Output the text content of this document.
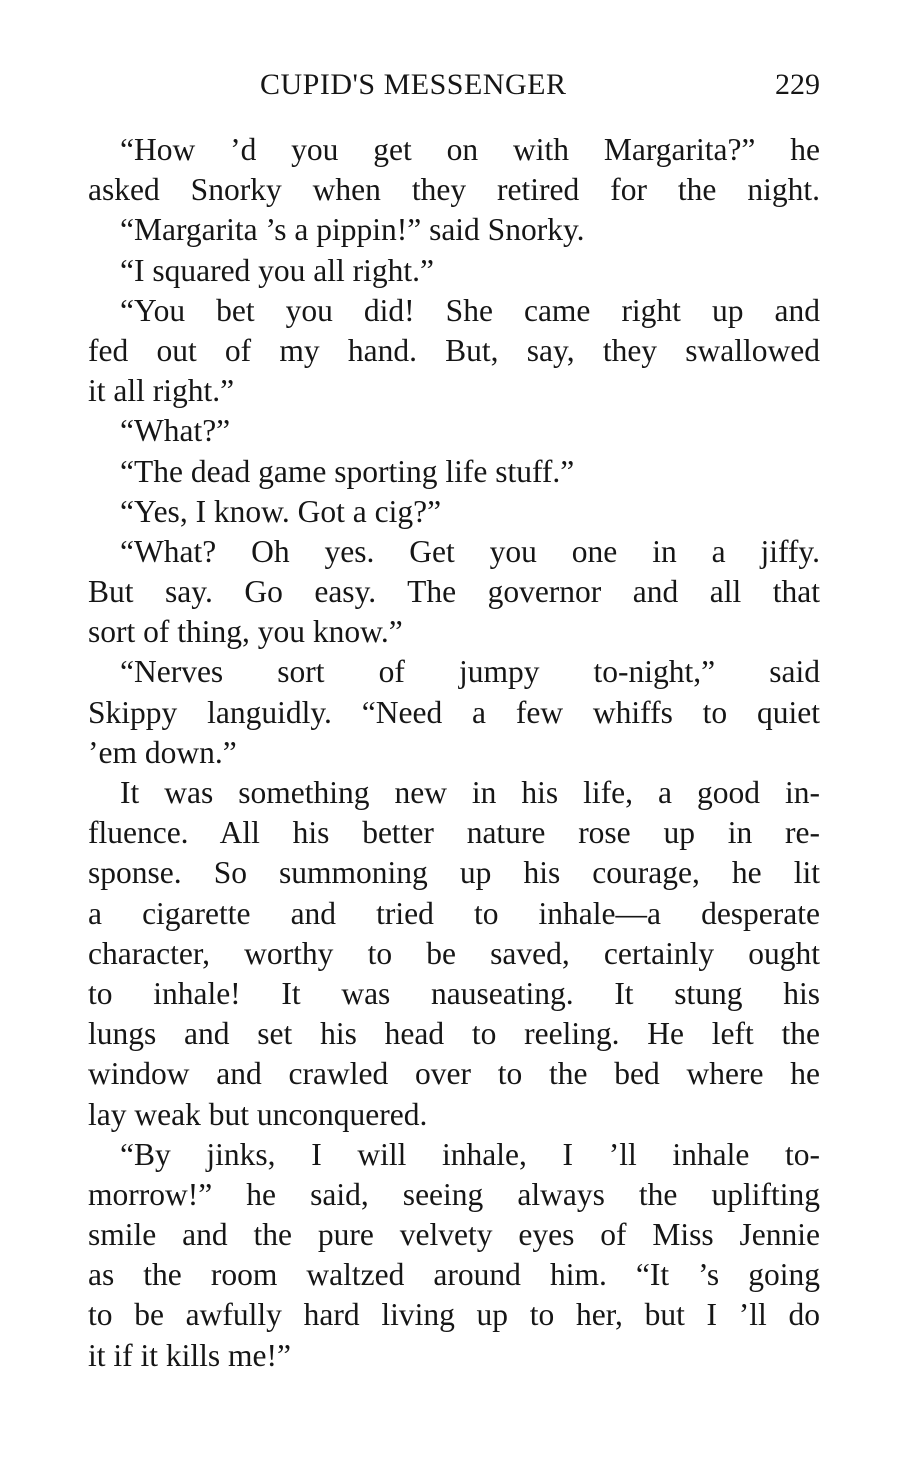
CUPID'S MESSENGER	229
“How ’d you get on with Margarita?” he
asked Snorky when they retired for the night.
“Margarita ’s a pippin!” said Snorky.
“I squared you all right.”
“You bet you did! She came right up and
fed out of my hand. But, say, they swallowed
it all right.”
“What?”
“The dead game sporting life stuff.”
“Yes, I know. Got a cig?”
“What? Oh yes. Get you one in a jiffy.
But say. Go easy. The governor and all that
sort of thing, you know.”
“Nerves sort of jumpy to-night,” said
Skippy languidly. “Need a few whiffs to quiet
’em down.”
It was something new in his life, a good in-
fluence. All his better nature rose up in re-
sponse. So summoning up his courage, he lit
a cigarette and tried to inhale—a desperate
character, worthy to be saved, certainly ought
to inhale! It was nauseating. It stung his
lungs and set his head to reeling. He left the
window and crawled over to the bed where he
lay weak but unconquered.
“By jinks, I will inhale, I ’ll inhale to-
morrow!” he said, seeing always the uplifting
smile and the pure velvety eyes of Miss Jennie
as the room waltzed around him. “It ’s going
to be awfully hard living up to her, but I ’ll do
it if it kills me!”
